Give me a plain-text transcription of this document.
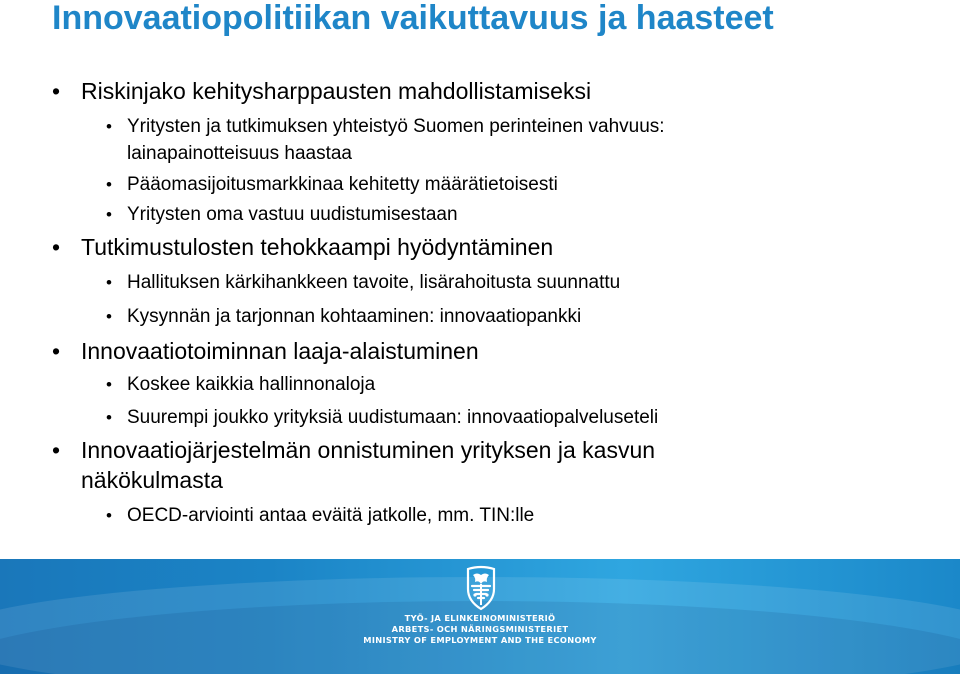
Innovaatiopolitiikan vaikuttavuus ja haasteet
• Riskinjako kehitysharppausten mahdollistamiseksi
• Yritysten ja tutkimuksen yhteistyö Suomen perinteinen vahvuus:
lainapainotteisuus haastaa
• Pääomasijoitusmarkkinaa kehitetty määrätietoisesti
• Yritysten oma vastuu uudistumisestaan
• Tutkimustulosten tehokkaampi hyödyntäminen
• Hallituksen kärkihankkeen tavoite, lisärahoitusta suunnattu
• Kysynnän ja tarjonnan kohtaaminen: innovaatiopankki
• Innovaatiotoiminnan laaja-alaistuminen
• Koskee kaikkia hallinnonaloja
• Suurempi joukko yrityksiä uudistumaan: innovaatiopalveluseteli
• Innovaatiojärjestelmän onnistuminen yrityksen ja kasvun
näkökulmasta
• OECD-arviointi antaa eväitä jatkolle, mm. TIN:lle
TYÖ- JA ELINKEINOMINISTERIÖ
ARBETS- OCH NÄRINGSMINISTERIET
MINISTRY OF EMPLOYMENT AND THE ECONOMY
